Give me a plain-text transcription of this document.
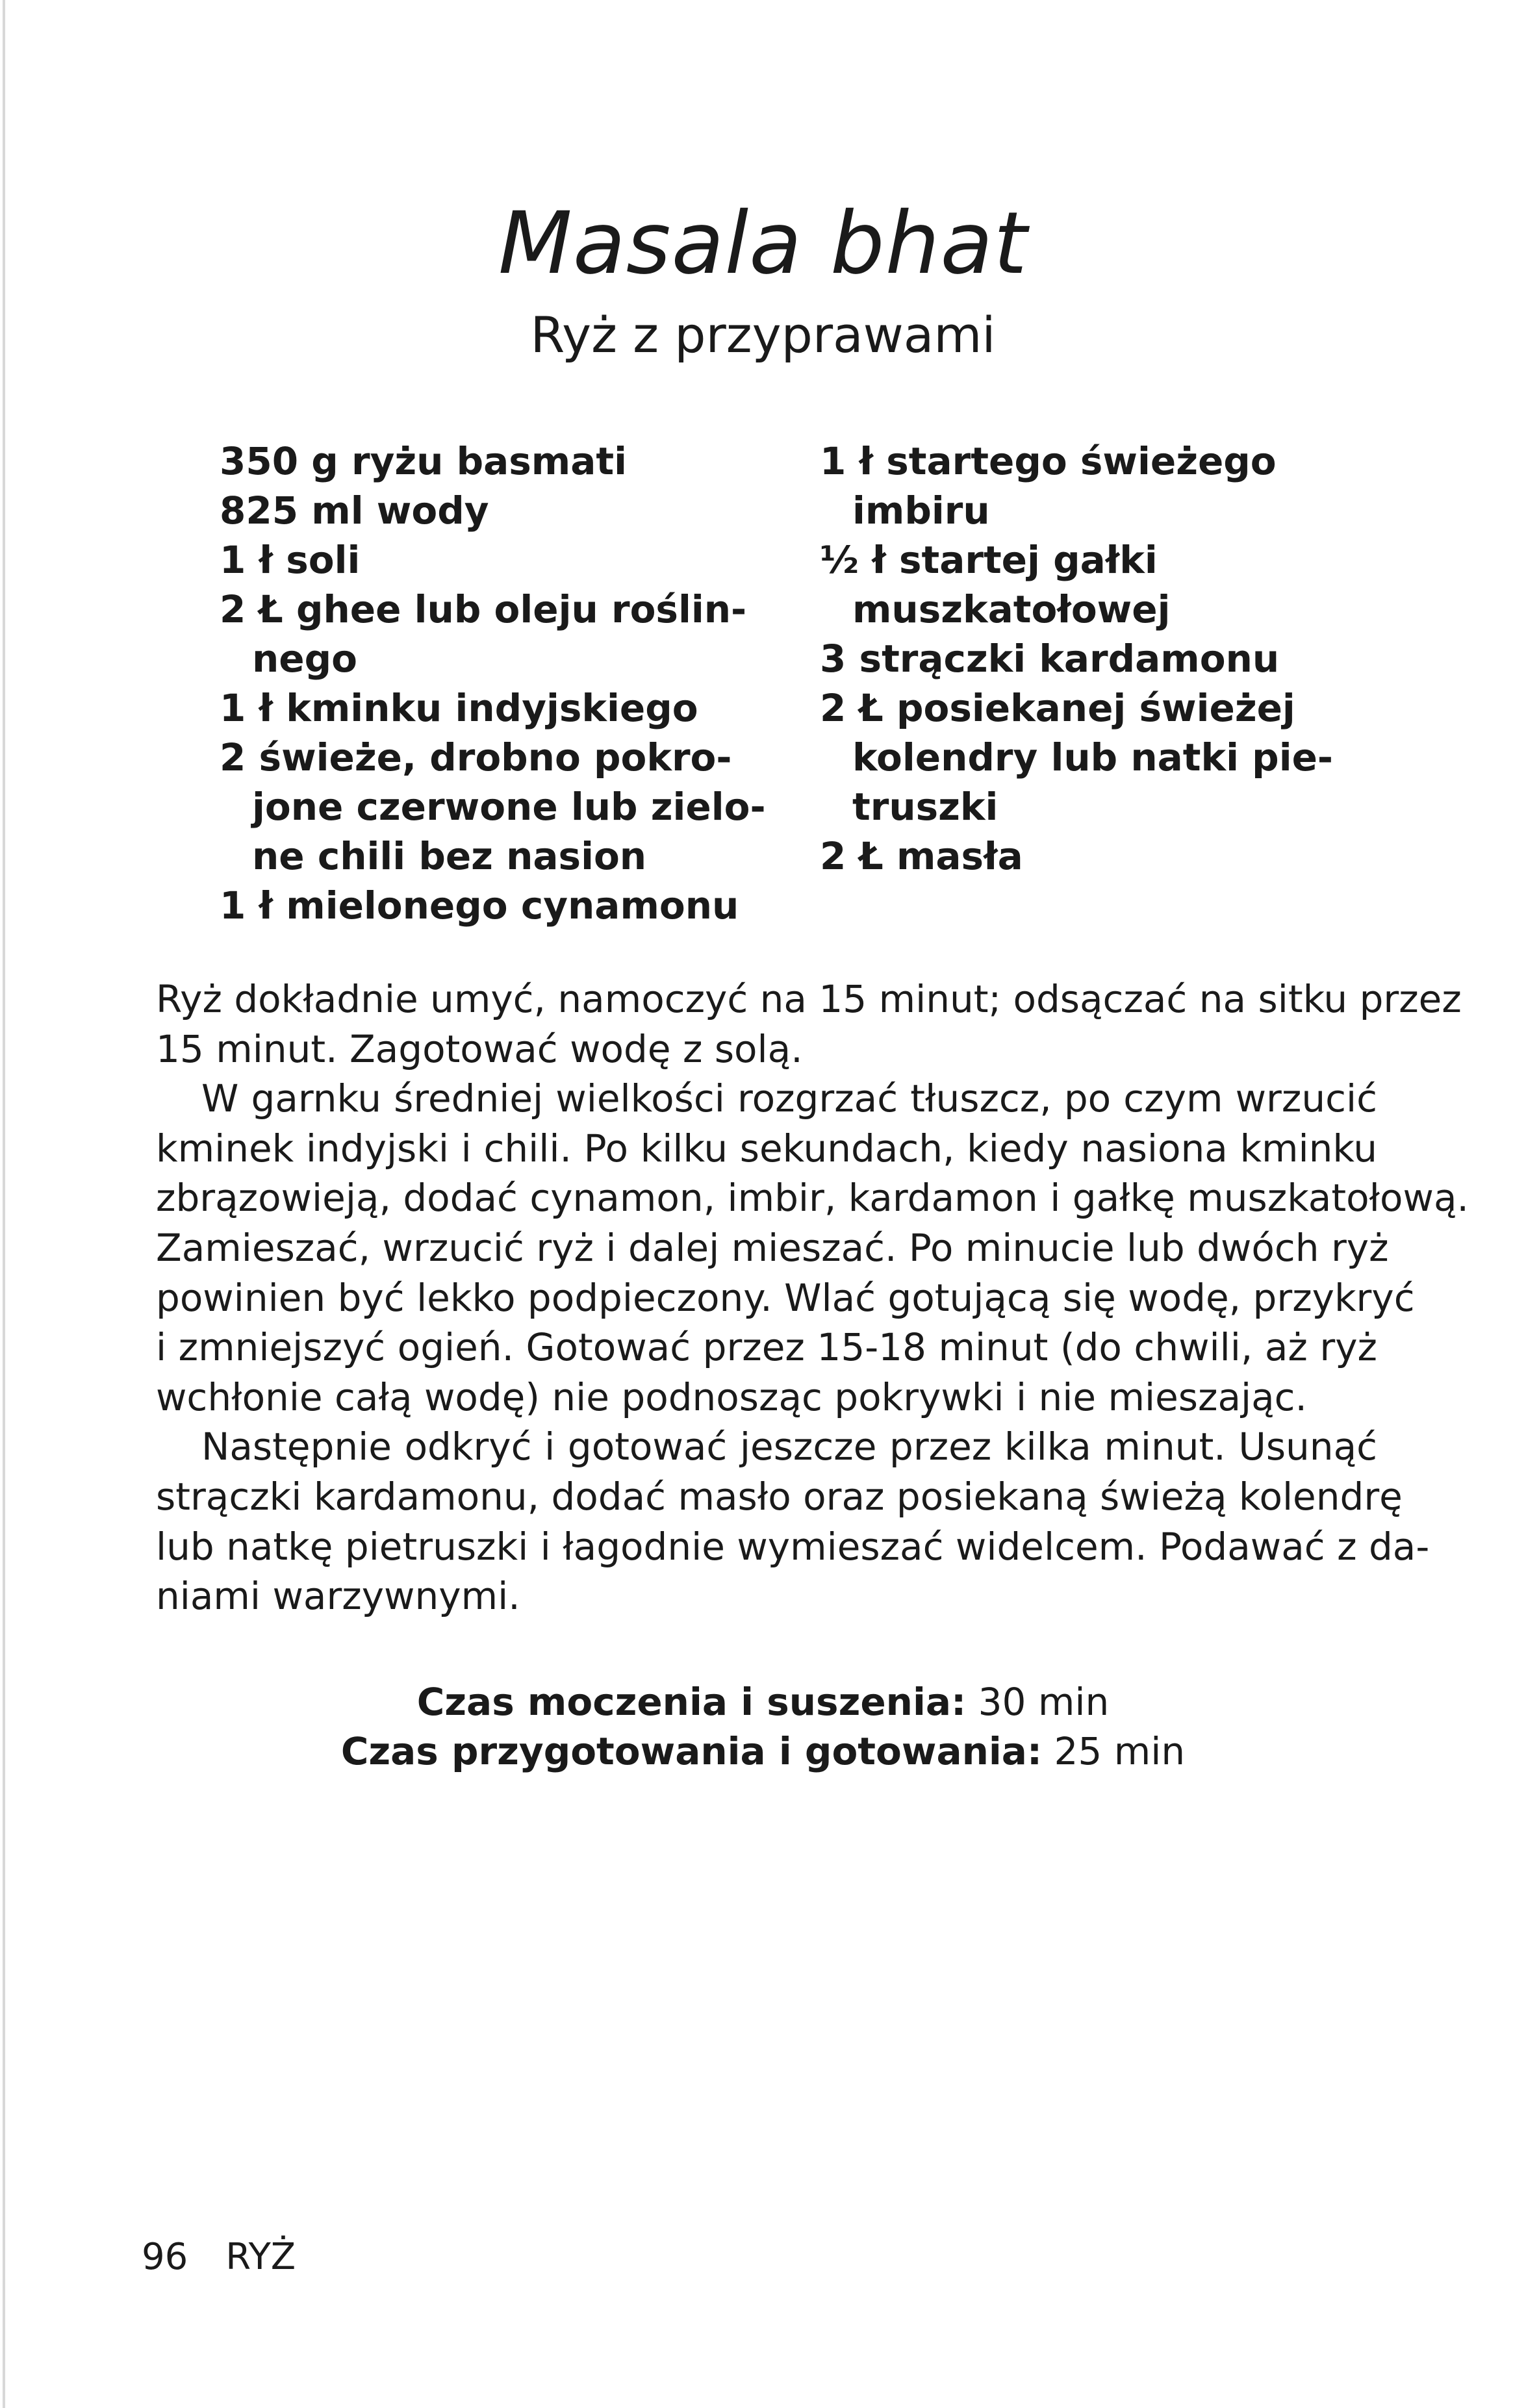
Masala bhat
Ryż z przyprawami
350 g ryżu basmati
825 ml wody
1 ł soli
2 Ł ghee lub oleju roślin-
nego
1 ł kminku indyjskiego
2 świeże, drobno pokro-
jone czerwone lub zielo-
ne chili bez nasion
1 ł mielonego cynamonu
1 ł startego świeżego
imbiru
½ ł startej gałki
muszkatołowej
3 strączki kardamonu
2 Ł posiekanej świeżej
kolendry lub natki pie-
truszki
2 Ł masła
Ryż dokładnie umyć, namoczyć na 15 minut; odsączać na sitku przez
15 minut. Zagotować wodę z solą.
W garnku średniej wielkości rozgrzać tłuszcz, po czym wrzucić
kminek indyjski i chili. Po kilku sekundach, kiedy nasiona kminku
zbrązowieją, dodać cynamon, imbir, kardamon i gałkę muszkatołową.
Zamieszać, wrzucić ryż i dalej mieszać. Po minucie lub dwóch ryż
powinien być lekko podpieczony. Wlać gotującą się wodę, przykryć
i zmniejszyć ogień. Gotować przez 15-18 minut (do chwili, aż ryż
wchłonie całą wodę) nie podnosząc pokrywki i nie mieszając.
Następnie odkryć i gotować jeszcze przez kilka minut. Usunąć
strączki kardamonu, dodać masło oraz posiekaną świeżą kolendrę
lub natkę pietruszki i łagodnie wymieszać widelcem. Podawać z da-
niami warzywnymi.
Czas moczenia i suszenia: 30 min
Czas przygotowania i gotowania: 25 min
96 RYŻ
